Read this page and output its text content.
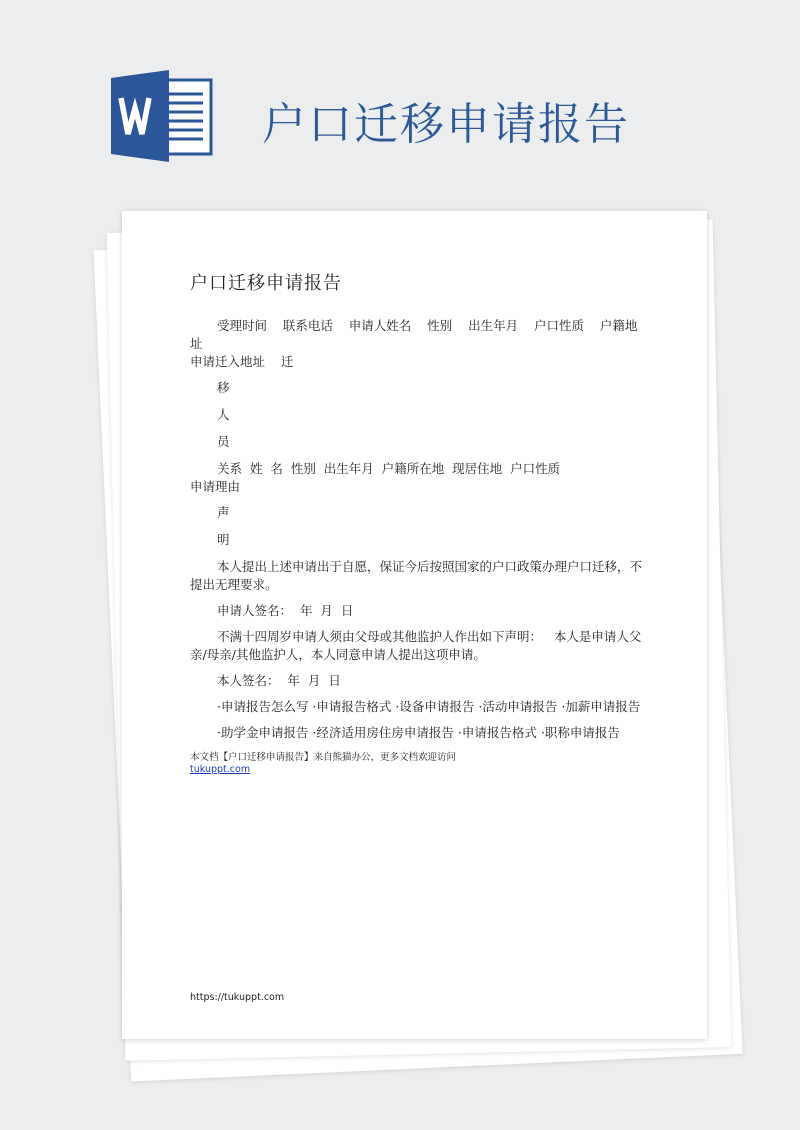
户口迁移申请报告
户口迁移申请报告
受理时间    联系电话    申请人姓名    性别    出生年月    户口性质    户籍地址
申请迁入地址    迁
移
人
员
关系  姓  名  性别  出生年月  户籍所在地  现居住地  户口性质
申请理由
声
明
本人提出上述申请出于自愿，保证今后按照国家的户口政策办理户口迁移，不提出无理要求。
申请人签名：  年  月  日
不满十四周岁申请人须由父母或其他监护人作出如下声明：   本人是申请人父亲/母亲/其他监护人，本人同意申请人提出这项申请。
本人签名：  年  月  日
·申请报告怎么写 ·申请报告格式 ·设备申请报告 ·活动申请报告 ·加薪申请报告
·助学金申请报告 ·经济适用房住房申请报告 ·申请报告格式 ·职称申请报告
本文档【户口迁移申请报告】来自熊猫办公，更多文档欢迎访问
tukuppt.com
https://tukuppt.com
